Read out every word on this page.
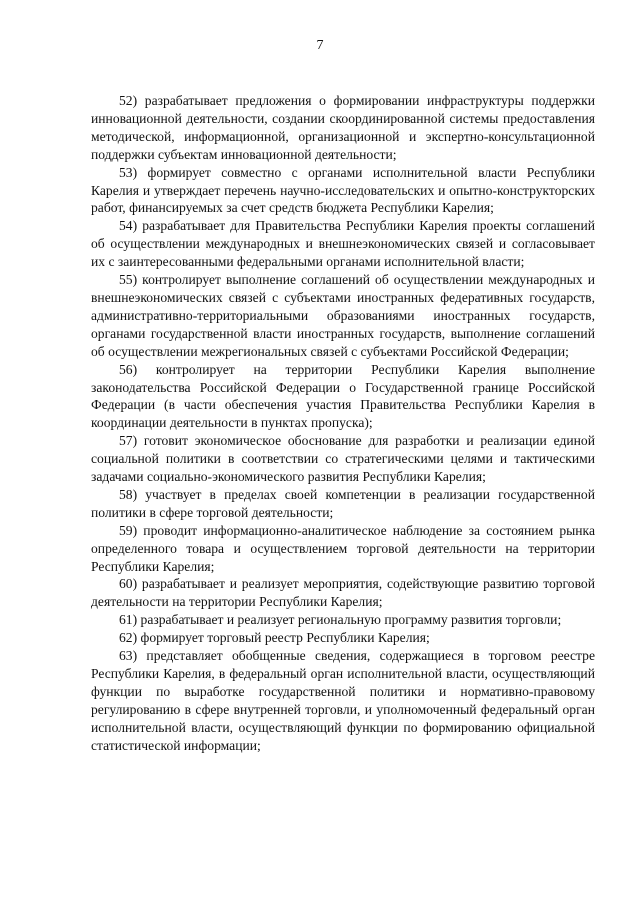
7

52) разрабатывает предложения о формировании инфраструктуры поддержки инновационной деятельности, создании скоординированной системы предоставления методической, информационной, организационной и экспертно-консультационной поддержки субъектам инновационной деятельности;

53) формирует совместно с органами исполнительной власти Республики Карелия и утверждает перечень научно-исследовательских и опытно-конструкторских работ, финансируемых за счет средств бюджета Республики Карелия;

54) разрабатывает для Правительства Республики Карелия проекты соглашений об осуществлении международных и внешнеэкономических связей и согласовывает их с заинтересованными федеральными органами исполнительной власти;

55) контролирует выполнение соглашений об осуществлении международных и внешнеэкономических связей с субъектами иностранных федеративных государств, административно-территориальными образованиями иностранных государств, органами государственной власти иностранных государств, выполнение соглашений об осуществлении межрегиональных связей с субъектами Российской Федерации;

56) контролирует на территории Республики Карелия выполнение законодательства Российской Федерации о Государственной границе Российской Федерации (в части обеспечения участия Правительства Республики Карелия в координации деятельности в пунктах пропуска);

57) готовит экономическое обоснование для разработки и реализации единой социальной политики в соответствии со стратегическими целями и тактическими задачами социально-экономического развития Республики Карелия;

58) участвует в пределах своей компетенции в реализации государственной политики в сфере торговой деятельности;

59) проводит информационно-аналитическое наблюдение за состоянием рынка определенного товара и осуществлением торговой деятельности на территории Республики Карелия;

60) разрабатывает и реализует мероприятия, содействующие развитию торговой деятельности на территории Республики Карелия;

61) разрабатывает и реализует региональную программу развития торговли;

62) формирует торговый реестр Республики Карелия;

63) представляет обобщенные сведения, содержащиеся в торговом реестре Республики Карелия, в федеральный орган исполнительной власти, осуществляющий функции по выработке государственной политики и нормативно-правовому регулированию в сфере внутренней торговли, и уполномоченный федеральный орган исполнительной власти, осуществляющий функции по формированию официальной статистической информации;
